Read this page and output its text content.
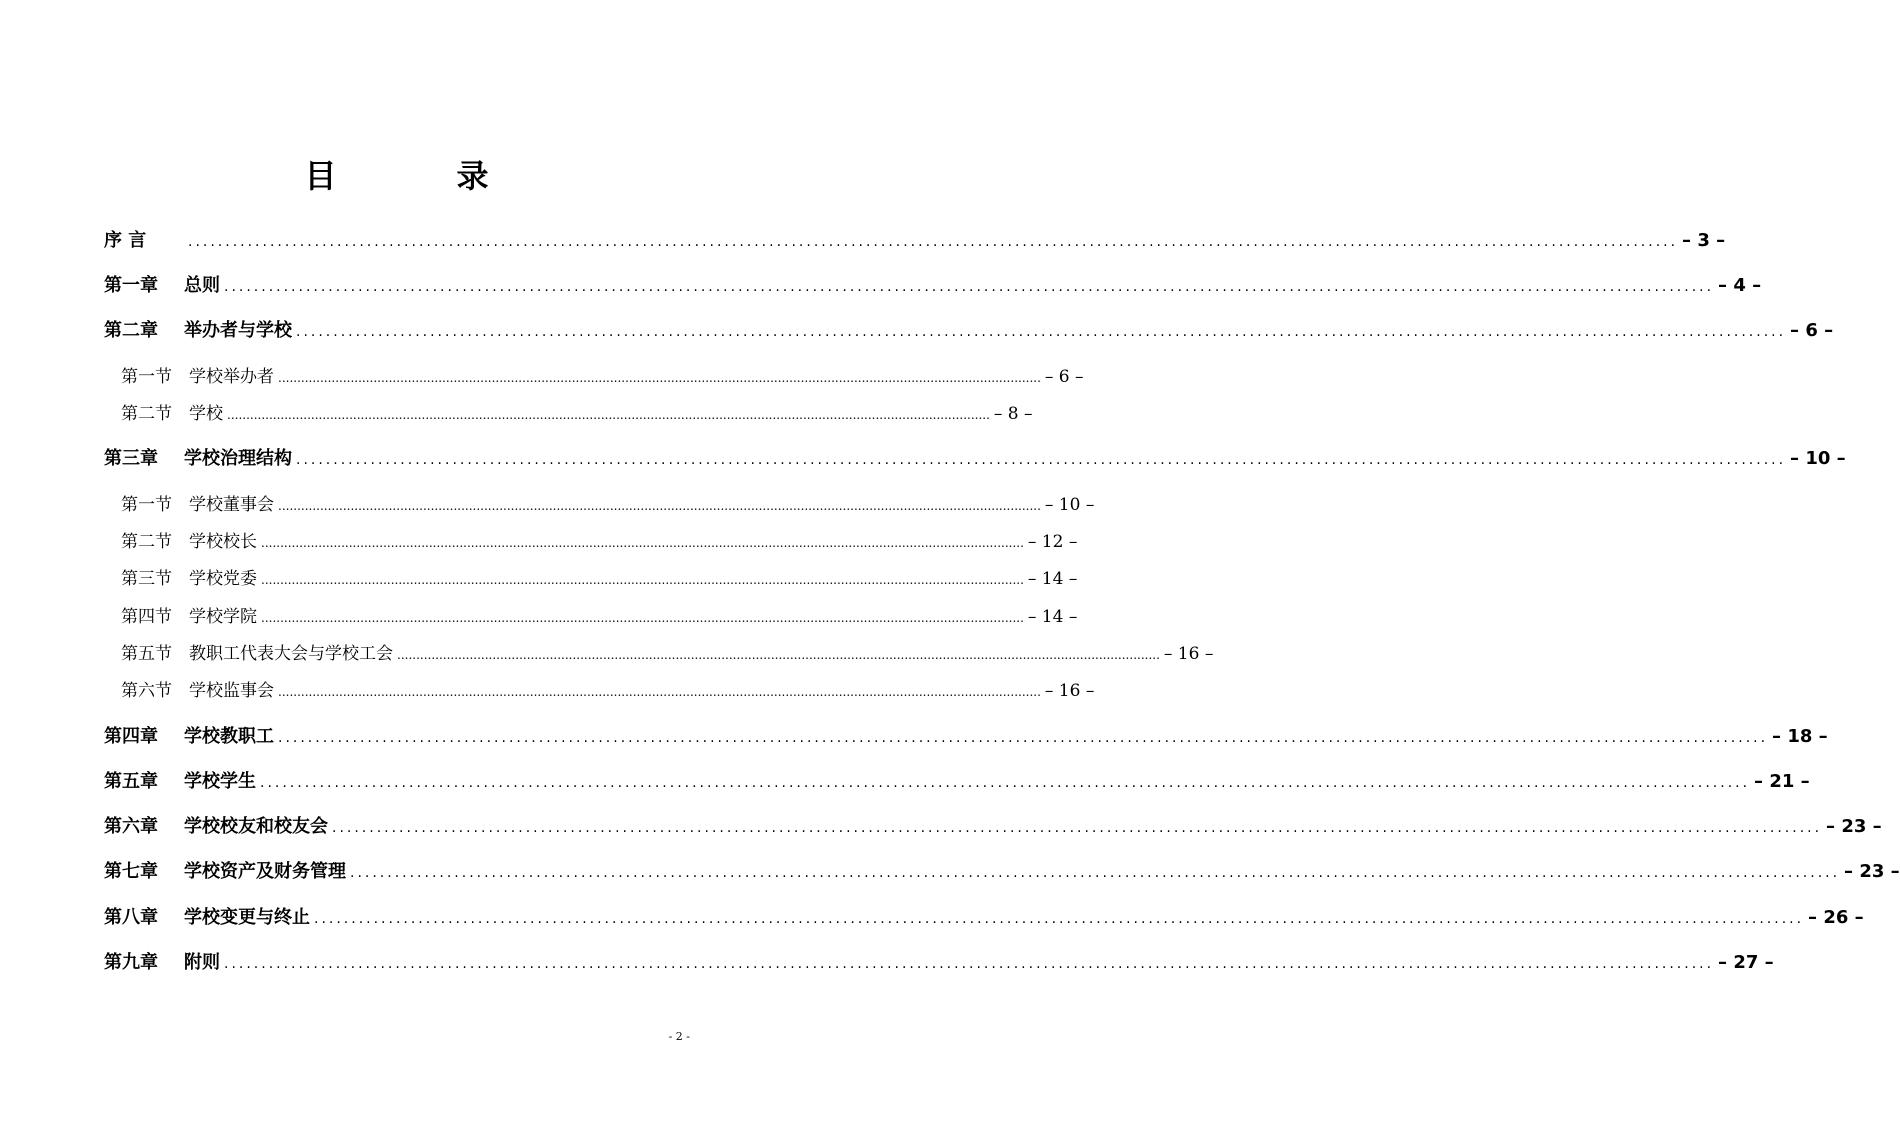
目　录
序 言	........................................................................................................................................................................................................ – 3 –
第一章	总则 ........................................................................................................................................................................................................ – 4 –
第二章	举办者与学校 ........................................................................................................................................................................................................ – 6 –
第一节	学校举办者 ........................................................................................................................................................................................................ – 6 –
第二节	学校 ........................................................................................................................................................................................................ – 8 –
第三章	学校治理结构 ........................................................................................................................................................................................................ – 10 –
第一节	学校董事会 ........................................................................................................................................................................................................ – 10 –
第二节	学校校长 ........................................................................................................................................................................................................ – 12 –
第三节	学校党委 ........................................................................................................................................................................................................ – 14 –
第四节	学校学院 ........................................................................................................................................................................................................ – 14 –
第五节	教职工代表大会与学校工会 ........................................................................................................................................................................................................ – 16 –
第六节	学校监事会 ........................................................................................................................................................................................................ – 16 –
第四章	学校教职工 ........................................................................................................................................................................................................ – 18 –
第五章	学校学生 ........................................................................................................................................................................................................ – 21 –
第六章	学校校友和校友会 ........................................................................................................................................................................................................ – 23 –
第七章	学校资产及财务管理 ........................................................................................................................................................................................................ – 23 –
第八章	学校变更与终止 ........................................................................................................................................................................................................ – 26 –
第九章	附则 ........................................................................................................................................................................................................ – 27 –
- 2 -
